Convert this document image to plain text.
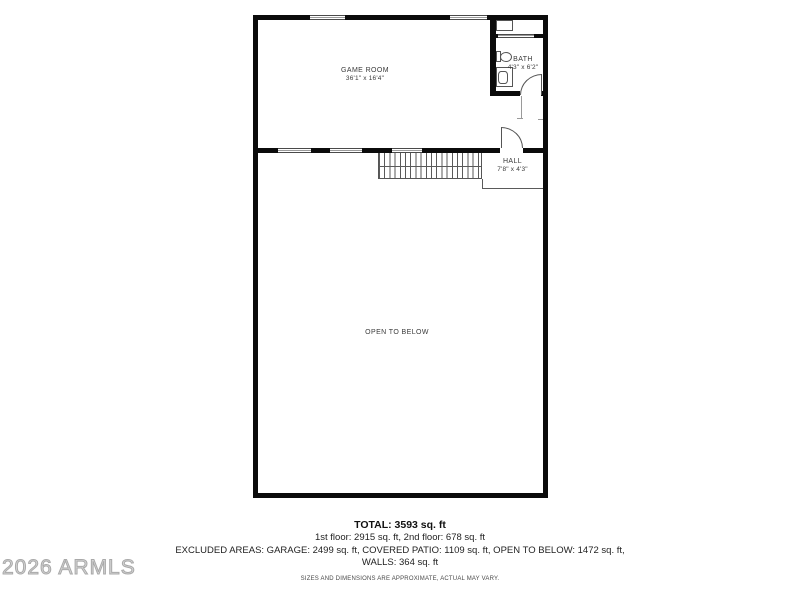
GAME ROOM
36'1" x 16'4"
BATH
4'3" x 6'2"
HALL
7'8" x 4'3"
OPEN TO BELOW
TOTAL: 3593 sq. ft
1st floor: 2915 sq. ft, 2nd floor: 678 sq. ft
EXCLUDED AREAS: GARAGE: 2499 sq. ft, COVERED PATIO: 1109 sq. ft, OPEN TO BELOW: 1472 sq. ft,
WALLS: 364 sq. ft
SIZES AND DIMENSIONS ARE APPROXIMATE, ACTUAL MAY VARY.
2026 ARMLS
